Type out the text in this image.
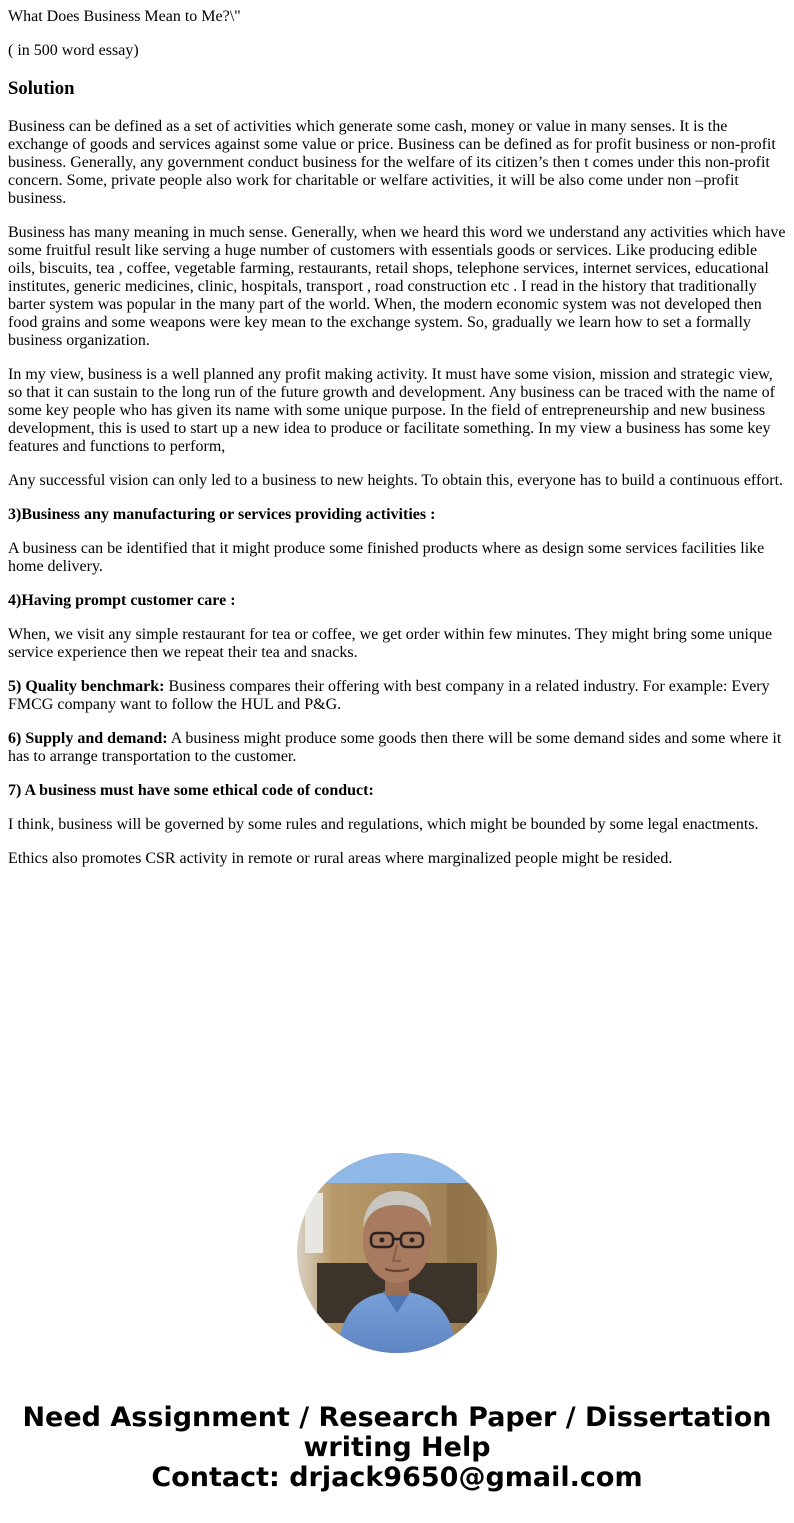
What Does Business Mean to Me?\"

( in 500 word essay)

Solution

Business can be defined as a set of activities which generate some cash, money or value in many senses. It is the exchange of goods and services against some value or price. Business can be defined as for profit business or non-profit business. Generally, any government conduct business for the welfare of its citizen’s then t comes under this non-profit concern. Some, private people also work for charitable or welfare activities, it will be also come under non –profit business.

Business has many meaning in much sense. Generally, when we heard this word we understand any activities which have some fruitful result like serving a huge number of customers with essentials goods or services. Like producing edible oils, biscuits, tea , coffee, vegetable farming, restaurants, retail shops, telephone services, internet services, educational institutes, generic medicines, clinic, hospitals, transport , road construction etc . I read in the history that traditionally barter system was popular in the many part of the world. When, the modern economic system was not developed then food grains and some weapons were key mean to the exchange system. So, gradually we learn how to set a formally business organization.

In my view, business is a well planned any profit making activity. It must have some vision, mission and strategic view, so that it can sustain to the long run of the future growth and development. Any business can be traced with the name of some key people who has given its name with some unique purpose. In the field of entrepreneurship and new business development, this is used to start up a new idea to produce or facilitate something. In my view a business has some key features and functions to perform,

Any successful vision can only led to a business to new heights. To obtain this, everyone has to build a continuous effort.

3)Business any manufacturing or services providing activities :

A business can be identified that it might produce some finished products where as design some services facilities like home delivery.

4)Having prompt customer care :

When, we visit any simple restaurant for tea or coffee, we get order within few minutes. They might bring some unique service experience then we repeat their tea and snacks.

5) Quality benchmark: Business compares their offering with best company in a related industry. For example: Every FMCG company want to follow the HUL and P&G.

6) Supply and demand: A business might produce some goods then there will be some demand sides and some where it has to arrange transportation to the customer.

7) A business must have some ethical code of conduct:

I think, business will be governed by some rules and regulations, which might be bounded by some legal enactments.

Ethics also promotes CSR activity in remote or rural areas where marginalized people might be resided.

Need Assignment / Research Paper / Dissertation
writing Help
Contact: drjack9650@gmail.com
